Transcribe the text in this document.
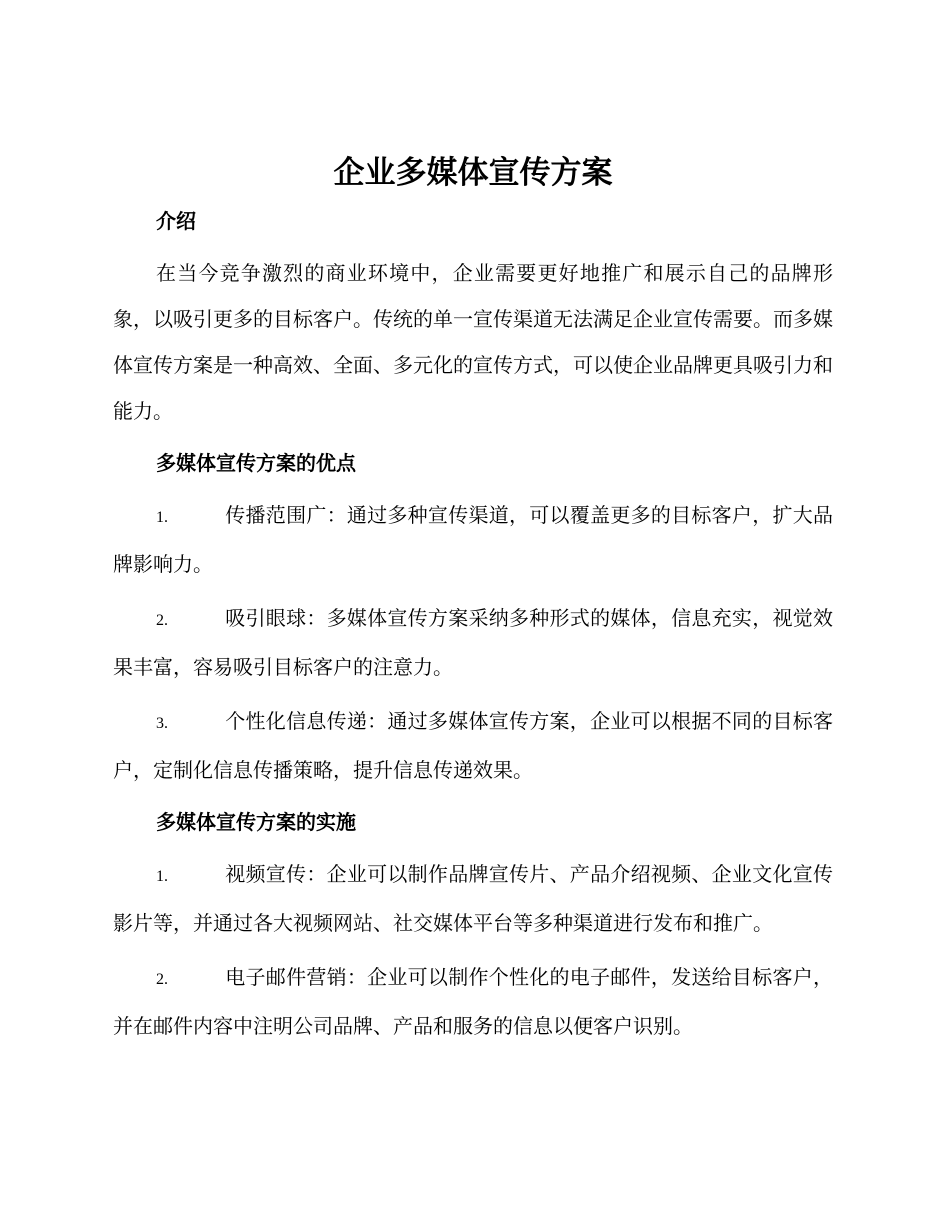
企业多媒体宣传方案
介绍

在当今竞争激烈的商业环境中，企业需要更好地推广和展示自己的品牌形象，以吸引更多的目标客户。传统的单一宣传渠道无法满足企业宣传需要。而多媒体宣传方案是一种高效、全面、多元化的宣传方式，可以使企业品牌更具吸引力和能力。

多媒体宣传方案的优点

1.	传播范围广：通过多种宣传渠道，可以覆盖更多的目标客户，扩大品牌影响力。

2.	吸引眼球：多媒体宣传方案采纳多种形式的媒体，信息充实，视觉效果丰富，容易吸引目标客户的注意力。

3.	个性化信息传递：通过多媒体宣传方案，企业可以根据不同的目标客户，定制化信息传播策略，提升信息传递效果。

多媒体宣传方案的实施

1.	视频宣传：企业可以制作品牌宣传片、产品介绍视频、企业文化宣传影片等，并通过各大视频网站、社交媒体平台等多种渠道进行发布和推广。

2.	电子邮件营销：企业可以制作个性化的电子邮件，发送给目标客户，并在邮件内容中注明公司品牌、产品和服务的信息以便客户识别。
